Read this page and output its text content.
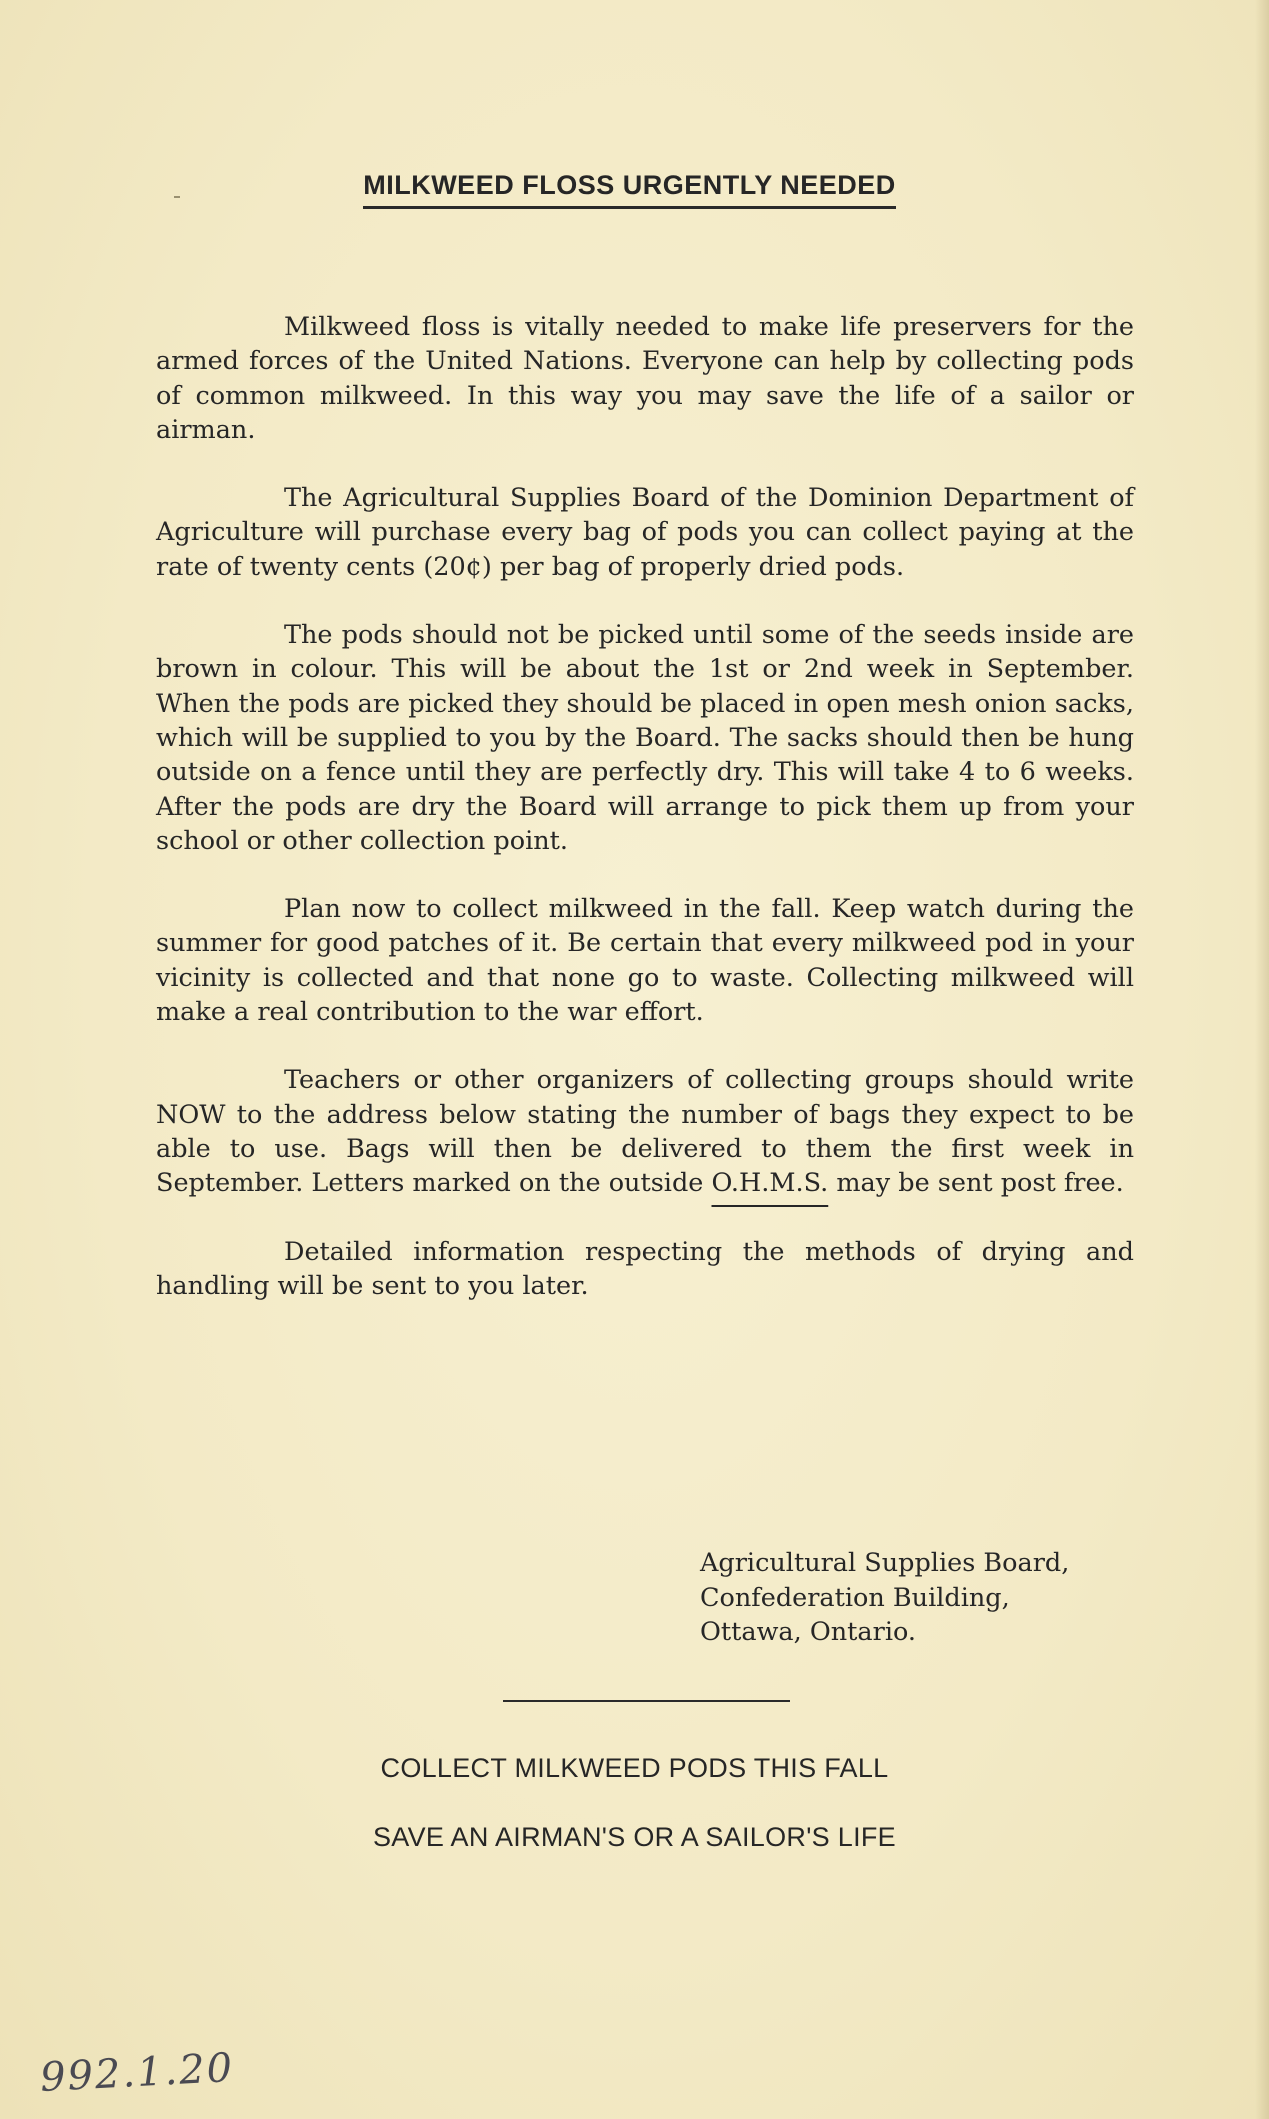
MILKWEED FLOSS URGENTLY NEEDED

Milkweed floss is vitally needed to make life preservers for the armed forces of the United Nations. Everyone can help by collecting pods of common milkweed. In this way you may save the life of a sailor or airman.

The Agricultural Supplies Board of the Dominion Department of Agriculture will purchase every bag of pods you can collect paying at the rate of twenty cents (20¢) per bag of properly dried pods.

The pods should not be picked until some of the seeds inside are brown in colour. This will be about the 1st or 2nd week in September. When the pods are picked they should be placed in open mesh onion sacks, which will be supplied to you by the Board. The sacks should then be hung outside on a fence until they are perfectly dry. This will take 4 to 6 weeks. After the pods are dry the Board will arrange to pick them up from your school or other collection point.

Plan now to collect milkweed in the fall. Keep watch during the summer for good patches of it. Be certain that every milkweed pod in your vicinity is collected and that none go to waste. Collecting milkweed will make a real contribution to the war effort.

Teachers or other organizers of collecting groups should write NOW to the address below stating the number of bags they expect to be able to use. Bags will then be delivered to them the first week in September. Letters marked on the outside O.H.M.S. may be sent post free.

Detailed information respecting the methods of drying and handling will be sent to you later.

Agricultural Supplies Board,
Confederation Building,
Ottawa, Ontario.
COLLECT MILKWEED PODS THIS FALL
SAVE AN AIRMAN'S OR A SAILOR'S LIFE
992.1.20
